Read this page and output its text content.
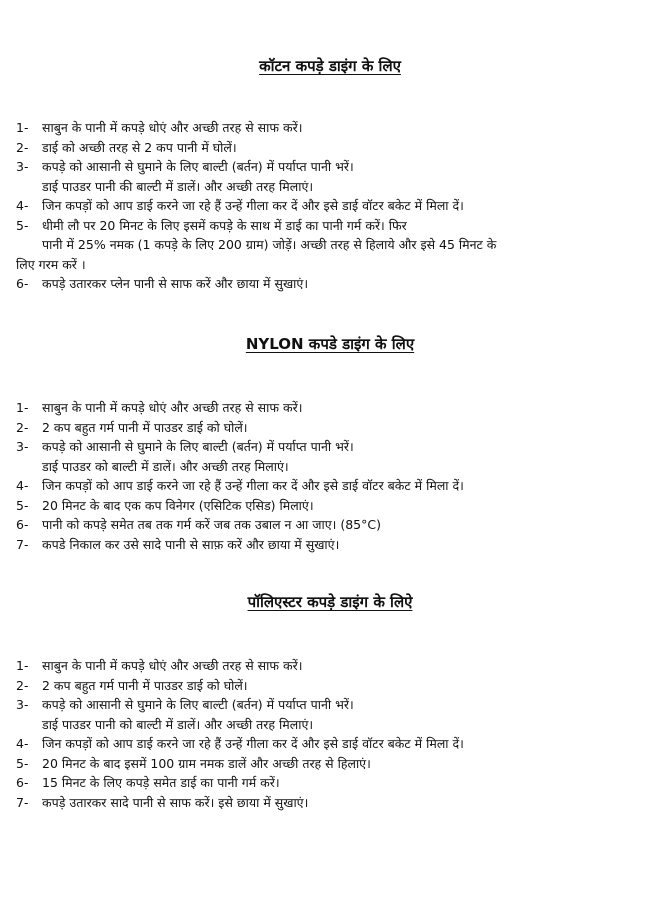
कॉटन कपड़े डाइंग के लिए
1-	साबुन के पानी में कपड़े धोएं और अच्छी तरह से साफ करें।
2-	डाई को अच्छी तरह से 2 कप पानी में घोलें।
3-	कपड़े को आसानी से घुमाने के लिए बाल्टी (बर्तन) में पर्याप्त पानी भरें।
डाई पाउडर पानी की बाल्टी में डालें। और अच्छी तरह मिलाएं।
4-	जिन कपड़ों को आप डाई करने जा रहे हैं उन्हें गीला कर दें और इसे डाई वॉटर बकेट में मिला दें।
5-	धीमी लौ पर 20 मिनट के लिए इसमें कपड़े के साथ में डाई का पानी गर्म करें। फिर
पानी में 25% नमक (1 कपड़े के लिए 200 ग्राम) जोड़ें। अच्छी तरह से हिलाये और इसे 45 मिनट के
लिए गरम करें ।
6-	कपड़े उतारकर प्लेन पानी से साफ करें और छाया में सुखाएं।
NYLON कपडे डाइंग के लिए
1-	साबुन के पानी में कपड़े धोएं और अच्छी तरह से साफ करें।
2-	2 कप बहुत गर्म पानी में पाउडर डाई को घोलें।
3-	कपड़े को आसानी से घुमाने के लिए बाल्टी (बर्तन) में पर्याप्त पानी भरें।
डाई पाउडर को बाल्टी में डालें। और अच्छी तरह मिलाएं।
4-	जिन कपड़ों को आप डाई करने जा रहे हैं उन्हें गीला कर दें और इसे डाई वॉटर बकेट में मिला दें।
5-	20 मिनट के बाद एक कप विनेगर (एसिटिक एसिड) मिलाएं।
6-	पानी को कपड़े समेत तब तक गर्म करें जब तक उबाल न आ जाए। (85°C)
7-	कपडे निकाल कर उसे सादे पानी से साफ़ करें और छाया में सुखाएं।
पॉलिएस्टर कपड़े डाइंग के लिऐ
1-	साबुन के पानी में कपड़े धोएं और अच्छी तरह से साफ करें।
2-	2 कप बहुत गर्म पानी में पाउडर डाई को घोलें।
3-	कपड़े को आसानी से घुमाने के लिए बाल्टी (बर्तन) में पर्याप्त पानी भरें।
डाई पाउडर पानी को बाल्टी में डालें। और अच्छी तरह मिलाएं।
4-	जिन कपड़ों को आप डाई करने जा रहे हैं उन्हें गीला कर दें और इसे डाई वॉटर बकेट में मिला दें।
5-	20 मिनट के बाद इसमें 100 ग्राम नमक डालें और अच्छी तरह से हिलाएं।
6-	15 मिनट के लिए कपड़े समेत डाई का पानी गर्म करें।
7-	कपड़े उतारकर सादे पानी से साफ करें। इसे छाया में सुखाएं।
